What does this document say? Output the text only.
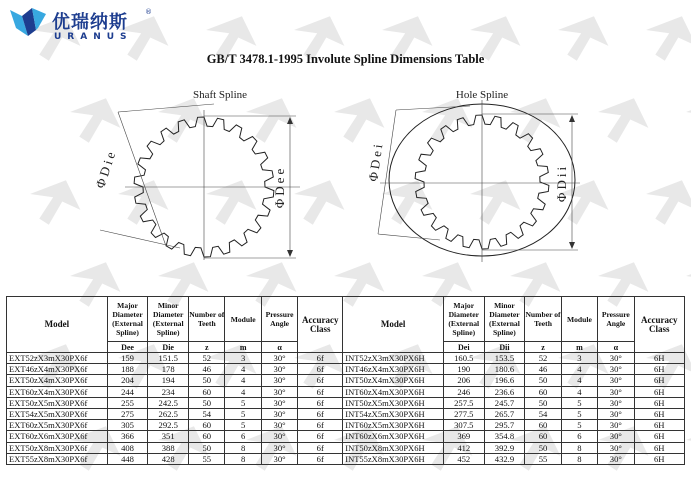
优瑞纳斯 ®
URANUS
GB/T 3478.1-1995 Involute Spline Dimensions Table
Shaft Spline	Hole Spline
ΦDee
ΦDie	ΦDii
ΦDei
Model	Major Diameter (External Spline)	Minor Diameter (External Spline)	Number of Teeth	Module	Pressure Angle	Accuracy Class	Model	Major Diameter (External Spline)	Minor Diameter (External Spline)	Number of Teeth	Module	Pressure Angle	Accuracy Class
	Dee	Die	z	m	α			Dei	Dii	z	m	α	
EXT52zX3mX30PX6f	159	151.5	52	3	30°	6f	INT52zX3mX30PX6H	160.5	153.5	52	3	30°	6H
EXT46zX4mX30PX6f	188	178	46	4	30°	6f	INT46zX4mX30PX6H	190	180.6	46	4	30°	6H
EXT50zX4mX30PX6f	204	194	50	4	30°	6f	INT50zX4mX30PX6H	206	196.6	50	4	30°	6H
EXT60zX4mX30PX6f	244	234	60	4	30°	6f	INT60zX4mX30PX6H	246	236.6	60	4	30°	6H
EXT50zX5mX30PX6f	255	242.5	50	5	30°	6f	INT50zX5mX30PX6H	257.5	245.7	50	5	30°	6H
EXT54zX5mX30PX6f	275	262.5	54	5	30°	6f	INT54zX5mX30PX6H	277.5	265.7	54	5	30°	6H
EXT60zX5mX30PX6f	305	292.5	60	5	30°	6f	INT60zX5mX30PX6H	307.5	295.7	60	5	30°	6H
EXT60zX6mX30PX6f	366	351	60	6	30°	6f	INT60zX6mX30PX6H	369	354.8	60	6	30°	6H
EXT50zX8mX30PX6f	408	388	50	8	30°	6f	INT50zX8mX30PX6H	412	392.9	50	8	30°	6H
EXT55zX8mX30PX6f	448	428	55	8	30°	6f	INT55zX8mX30PX6H	452	432.9	55	8	30°	6H
